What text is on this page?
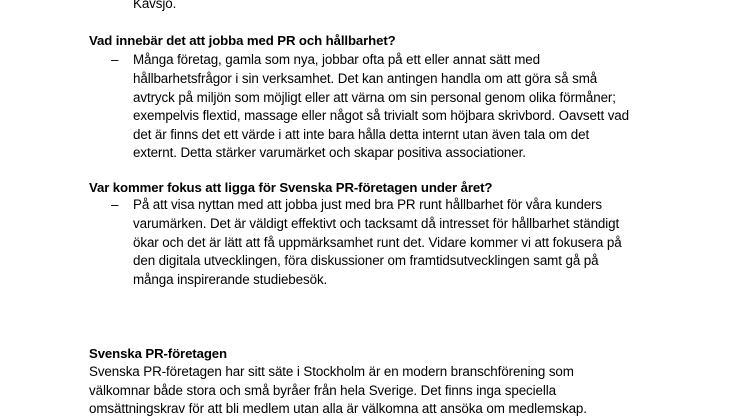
Kavsjö.
Vad innebär det att jobba med PR och hållbarhet?
– Många företag, gamla som nya, jobbar ofta på ett eller annat sätt med
hållbarhetsfrågor i sin verksamhet. Det kan antingen handla om att göra så små
avtryck på miljön som möjligt eller att värna om sin personal genom olika förmåner;
exempelvis flextid, massage eller något så trivialt som höjbara skrivbord. Oavsett vad
det är finns det ett värde i att inte bara hålla detta internt utan även tala om det
externt. Detta stärker varumärket och skapar positiva associationer.
Var kommer fokus att ligga för Svenska PR-företagen under året?
– På att visa nyttan med att jobba just med bra PR runt hållbarhet för våra kunders
varumärken. Det är väldigt effektivt och tacksamt då intresset för hållbarhet ständigt
ökar och det är lätt att få uppmärksamhet runt det. Vidare kommer vi att fokusera på
den digitala utvecklingen, föra diskussioner om framtidsutvecklingen samt gå på
många inspirerande studiebesök.
Svenska PR-företagen
Svenska PR-företagen har sitt säte i Stockholm är en modern branschförening som
välkomnar både stora och små byråer från hela Sverige. Det finns inga speciella
omsättningskrav för att bli medlem utan alla är välkomna att ansöka om medlemskap.
